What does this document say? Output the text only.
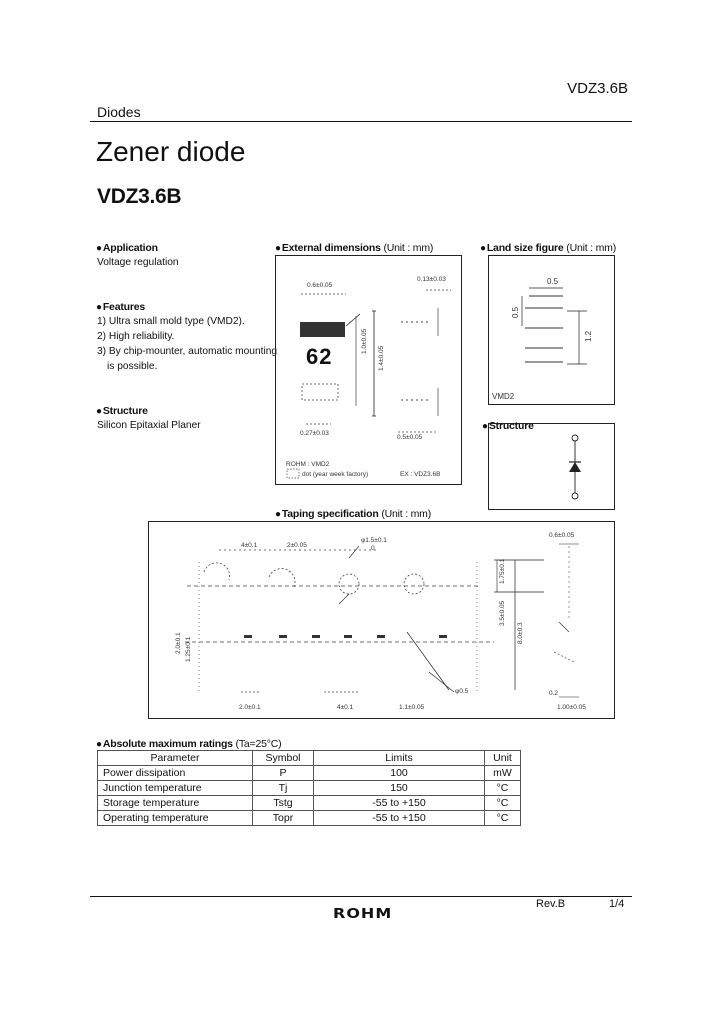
VDZ3.6B
Diodes
Zener diode
VDZ3.6B
●Application
Voltage regulation
●Features
1) Ultra small mold type (VMD2).
2) High reliability.
3) By chip-mounter, automatic mounting
is possible.
●Structure
Silicon Epitaxial Planer
●External dimensions (Unit : mm)
0.6±0.05
0.13±0.03
1.0±0.05
1.4±0.05
0.27±0.03
0.5±0.05
ROHM : VMD2
dot (year week factory)	EX : VDZ3.6B
62
●Land size figure (Unit : mm)
0.5
0.5
1.2
VMD2
●Structure
●Taping specification (Unit : mm)
4±0.1	2±0.05
φ1.5±0.1
0
1.75±0.1
3.5±0.05
8.0±0.3
2.0±0.1 1.25±0.1
2.0±0.1	4±0.1	1.1±0.05
φ0.5
0.6±0.05
0.2
1.00±0.05
●Absolute maximum ratings (Ta=25°C)
Parameter	Symbol	Limits	Unit
Power dissipation	P	100	mW
Junction temperature	Tj	150	°C
Storage temperature	Tstg	-55 to +150	°C
Operating temperature	Topr	-55 to +150	°C
Rev.B	1/4
ROHM
